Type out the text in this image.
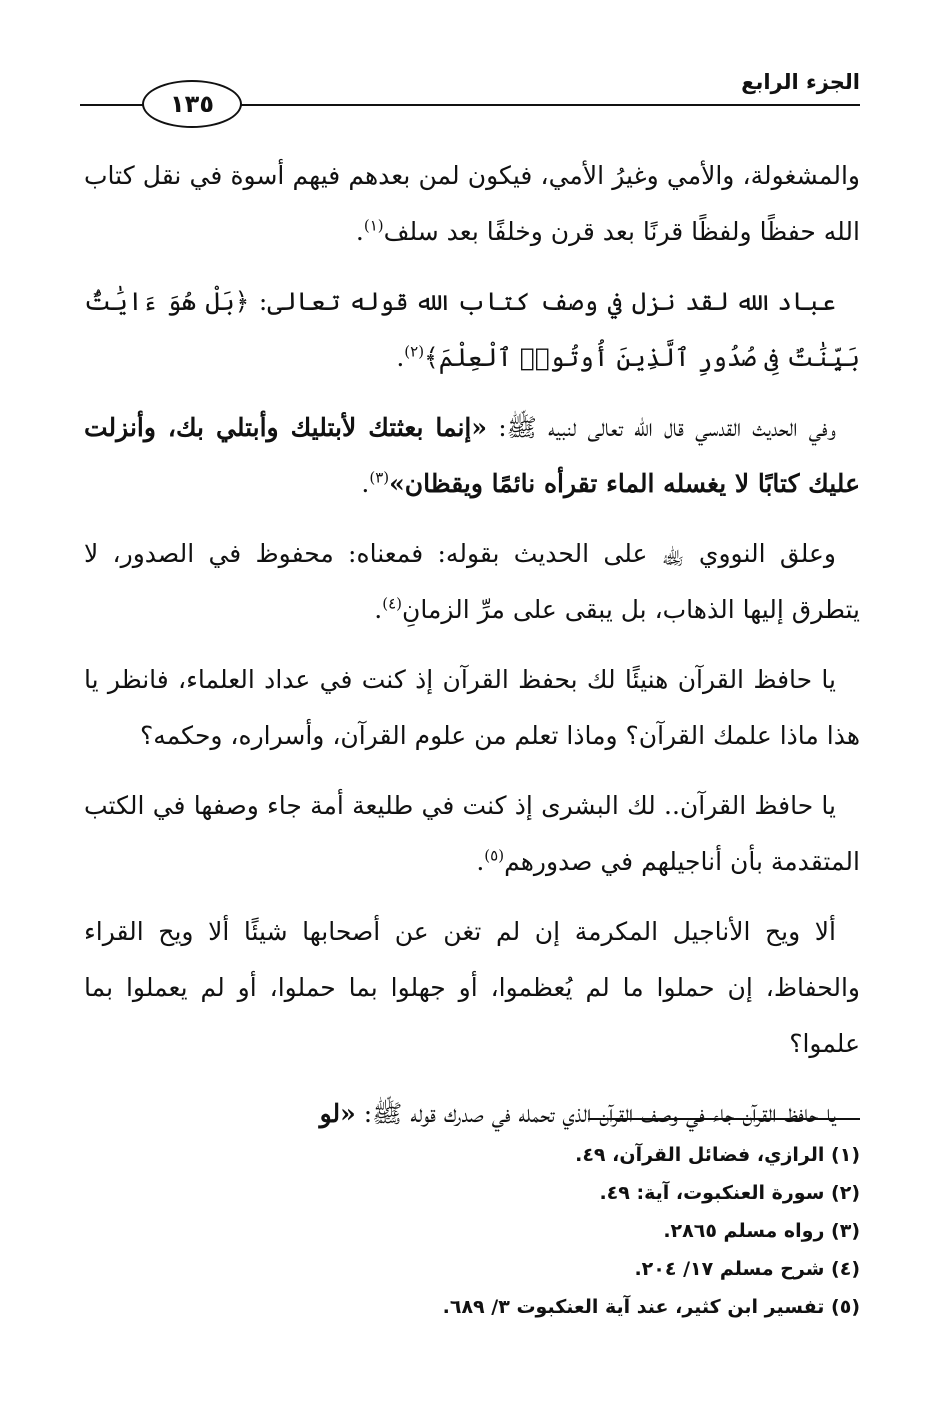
الجزء الرابع
١٣٥

والمشغولة، والأمي وغيرُ الأمي، فيكون لمن بعدهم فيهم أسوة في نقل كتاب الله حفظًا ولفظًا قرنًا بعد قرن وخلفًا بعد سلف$^{(١)}$.

عباد الله لقد نزل في وصف كتاب الله قوله تعالى: ﴿بَلْ هُوَ ءَايَٰتٌۢ بَيِّنَٰتٌ فِى صُدُورِ ٱلَّذِينَ أُوتُوا۟ ٱلْعِلْمَ﴾$^{(٢)}$.

وفي الحديث القدسي قال الله تعالى لنبيه ﷺ: «إنما بعثتك لأبتليك وأبتلي بك، وأنزلت عليك كتابًا لا يغسله الماء تقرأه نائمًا ويقظان»$^{(٣)}$.

وعلق النووي ﵀ على الحديث بقوله: فمعناه: محفوظ في الصدور، لا يتطرق إليها الذهاب، بل يبقى على مرِّ الزمانِ$^{(٤)}$.

يا حافظ القرآن هنيئًا لك بحفظ القرآن إذ كنت في عداد العلماء، فانظر يا هذا ماذا علمك القرآن؟ وماذا تعلم من علوم القرآن، وأسراره، وحكمه؟

يا حافظ القرآن.. لك البشرى إذ كنت في طليعة أمة جاء وصفها في الكتب المتقدمة بأن أناجيلهم في صدورهم$^{(٥)}$.

ألا ويح الأناجيل المكرمة إن لم تغن عن أصحابها شيئًا ألا ويح القراء والحفاظ، إن حملوا ما لم يُعظموا، أو جهلوا بما حملوا، أو لم يعملوا بما علموا؟

يا حافظ القرآن جاء في وصف القرآن الذي تحمله في صدرك قوله ﷺ: «لو

(١) الرازي، فضائل القرآن، ٤٩.
(٢) سورة العنكبوت، آية: ٤٩.
(٣) رواه مسلم ٢٨٦٥.
(٤) شرح مسلم ١٧/ ٢٠٤.
(٥) تفسير ابن كثير، عند آية العنكبوت ٣/ ٦٨٩.
